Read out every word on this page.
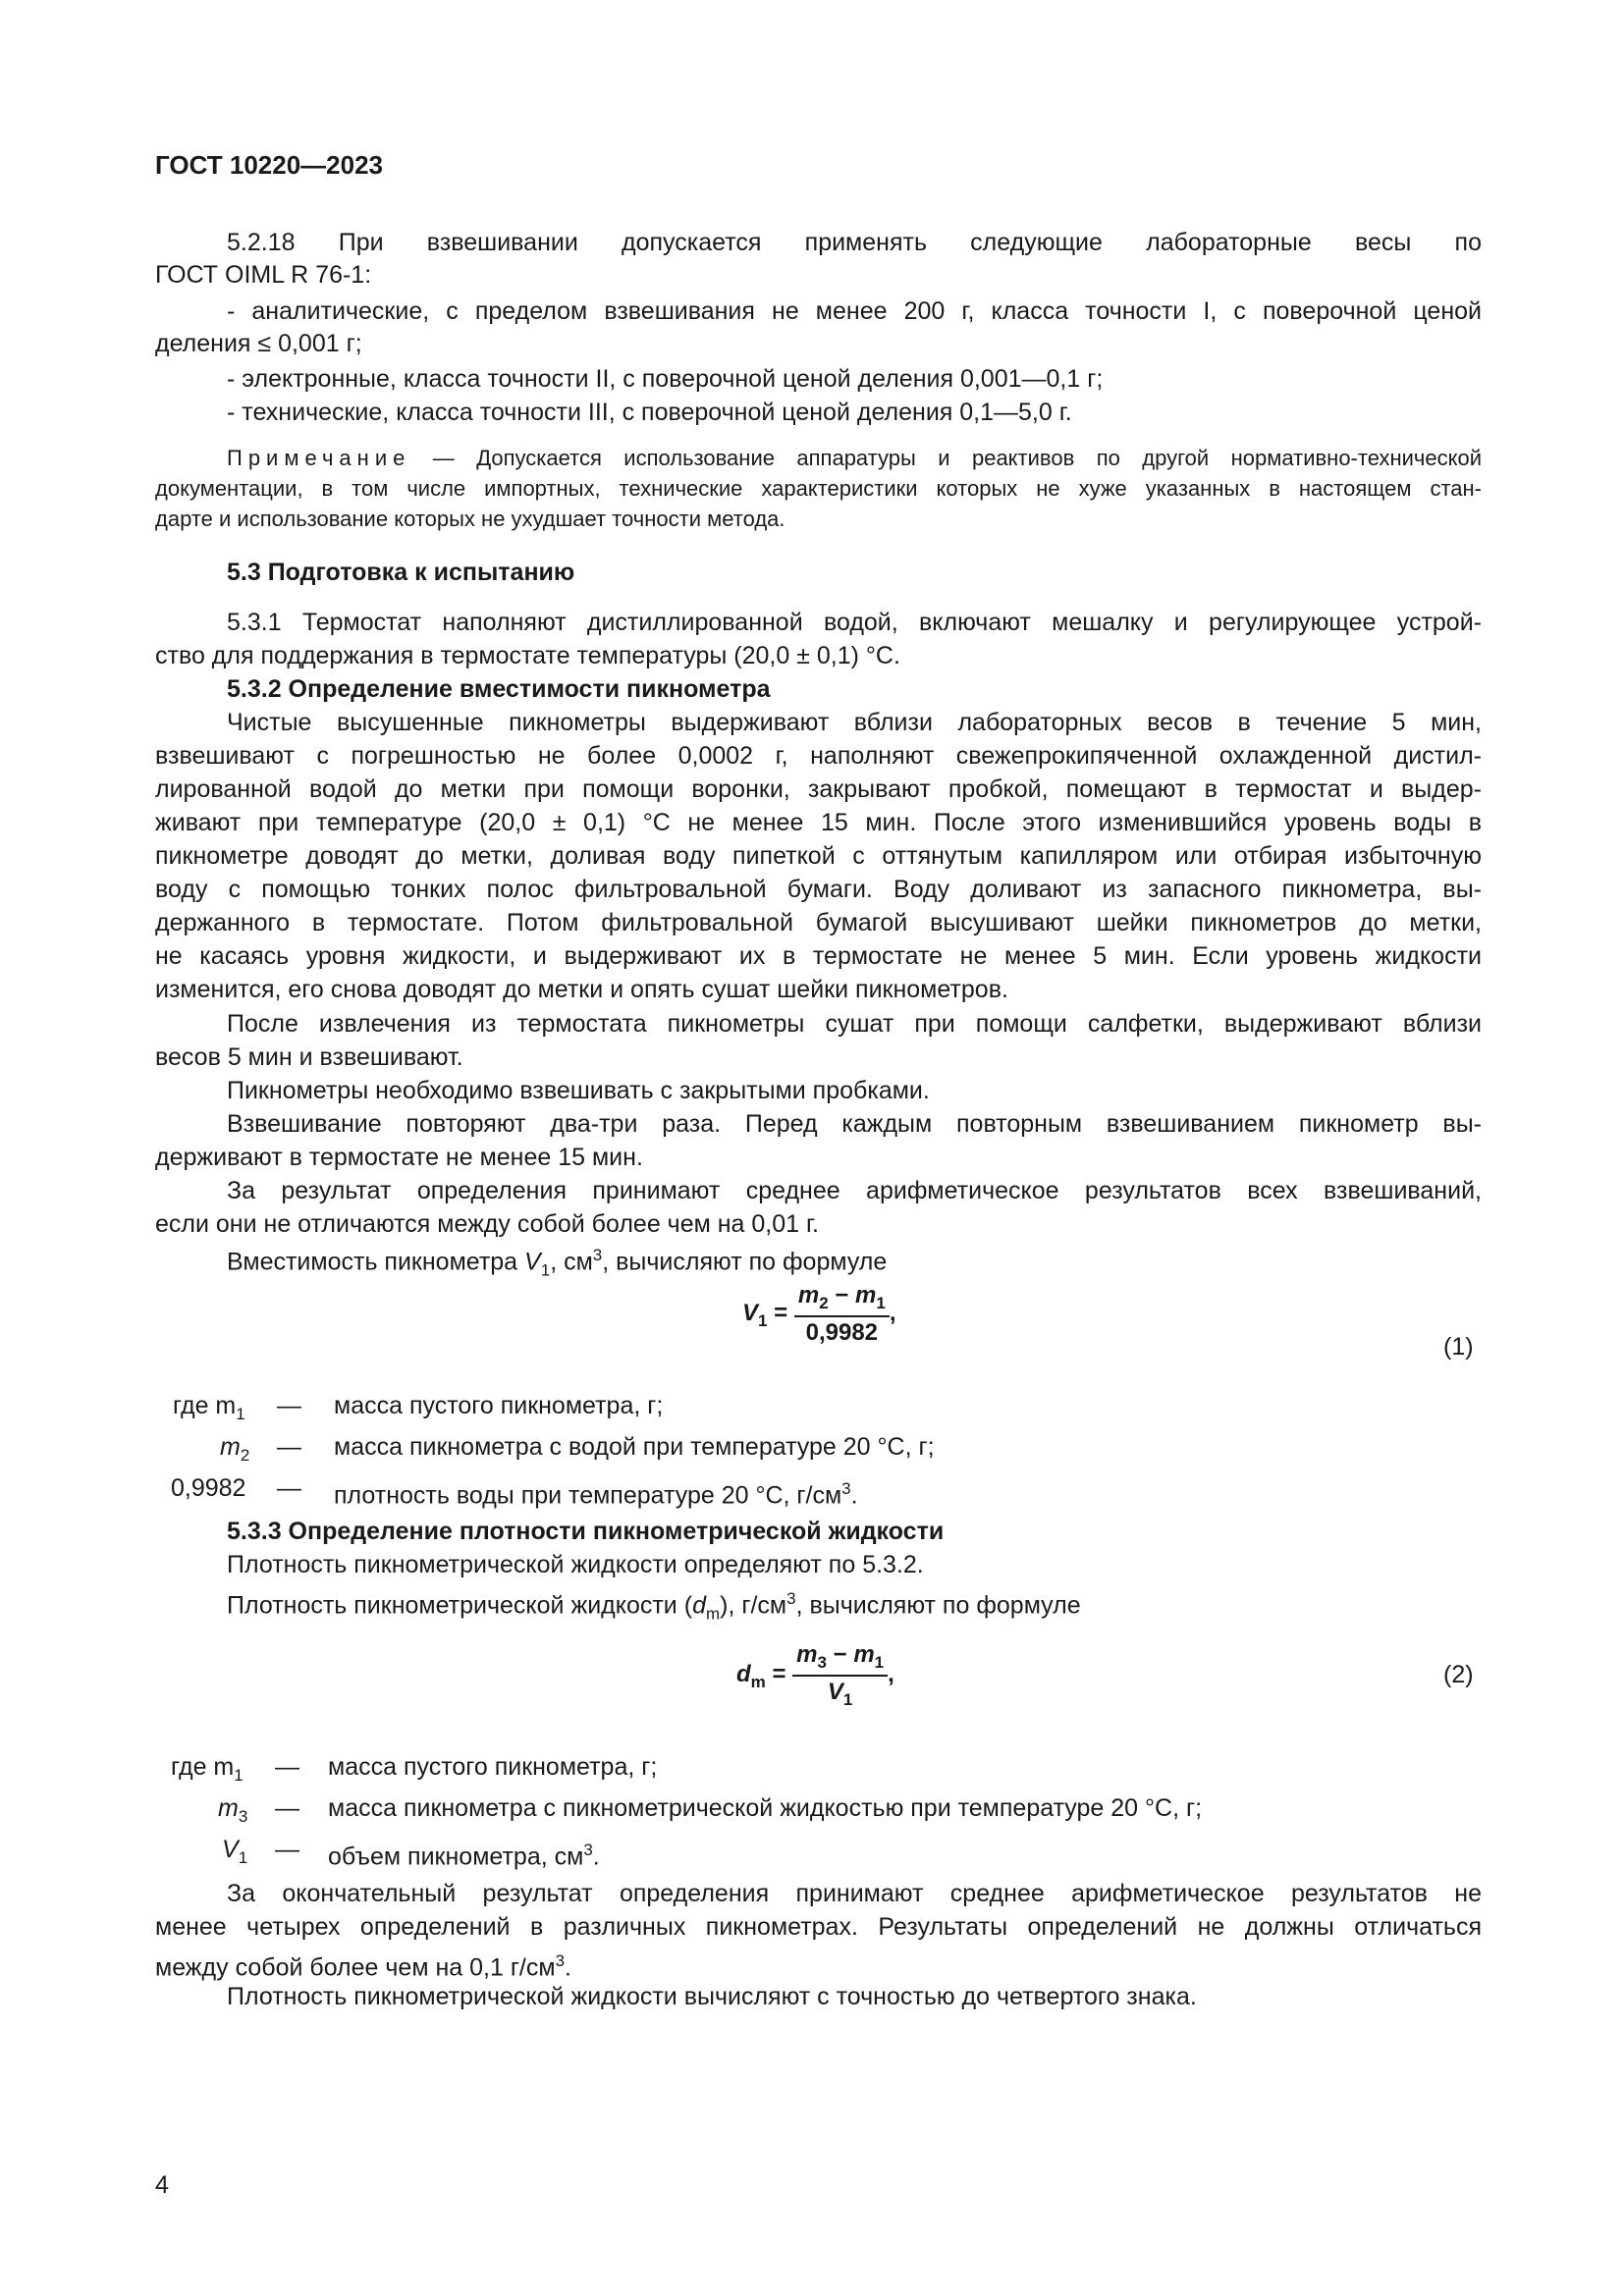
ГОСТ 10220—2023
5.2.18 При взвешивании допускается применять следующие лабораторные весы по
ГОСТ OIML R 76-1:
- аналитические, с пределом взвешивания не менее 200 г, класса точности I, с поверочной ценой
деления ≤ 0,001 г;
- электронные, класса точности II, с поверочной ценой деления 0,001—0,1 г;
- технические, класса точности III, с поверочной ценой деления 0,1—5,0 г.
Примечание — Допускается использование аппаратуры и реактивов по другой нормативно-технической
документации, в том числе импортных, технические характеристики которых не хуже указанных в настоящем стан-
дарте и использование которых не ухудшает точности метода.
5.3 Подготовка к испытанию
5.3.1 Термостат наполняют дистиллированной водой, включают мешалку и регулирующее устрой-
ство для поддержания в термостате температуры (20,0 ± 0,1) °С.
5.3.2 Определение вместимости пикнометра
Чистые высушенные пикнометры выдерживают вблизи лабораторных весов в течение 5 мин,
взвешивают с погрешностью не более 0,0002 г, наполняют свежепрокипяченной охлажденной дистил-
лированной водой до метки при помощи воронки, закрывают пробкой, помещают в термостат и выдер-
живают при температуре (20,0 ± 0,1) °С не менее 15 мин. После этого изменившийся уровень воды в
пикнометре доводят до метки, доливая воду пипеткой с оттянутым капилляром или отбирая избыточную
воду с помощью тонких полос фильтровальной бумаги. Воду доливают из запасного пикнометра, вы-
держанного в термостате. Потом фильтровальной бумагой высушивают шейки пикнометров до метки,
не касаясь уровня жидкости, и выдерживают их в термостате не менее 5 мин. Если уровень жидкости
изменится, его снова доводят до метки и опять сушат шейки пикнометров.
После извлечения из термостата пикнометры сушат при помощи салфетки, выдерживают вблизи
весов 5 мин и взвешивают.
Пикнометры необходимо взвешивать с закрытыми пробками.
Взвешивание повторяют два-три раза. Перед каждым повторным взвешиванием пикнометр вы-
держивают в термостате не менее 15 мин.
За результат определения принимают среднее арифметическое результатов всех взвешиваний,
если они не отличаются между собой более чем на 0,01 г.
Вместимость пикнометра $V_1$, $см^3$, вычисляют по формуле
$V_1 = \frac{m_2 - m_1}{0,9982}$ ,
(1)
где $m_1$ — масса пустого пикнометра, г;
$m_2$ — масса пикнометра с водой при температуре 20 °С, г;
0,9982 — плотность воды при температуре 20 °С, $г/см^3$.
5.3.3 Определение плотности пикнометрической жидкости
Плотность пикнометрической жидкости определяют по 5.3.2.
Плотность пикнометрической жидкости $(d_m)$, $г/см^3$, вычисляют по формуле
$d_m = \frac{m_3 - m_1}{V_1}$ ,	(2)
где $m_1$ — масса пустого пикнометра, г;
$m_3$ — масса пикнометра с пикнометрической жидкостью при температуре 20 °С, г;
$V_1$ — объем пикнометра, $см^3$.
За окончательный результат определения принимают среднее арифметическое результатов не
менее четырех определений в различных пикнометрах. Результаты определений не должны отличаться
между собой более чем на 0,1 $г/см^3$.
Плотность пикнометрической жидкости вычисляют с точностью до четвертого знака.
4
